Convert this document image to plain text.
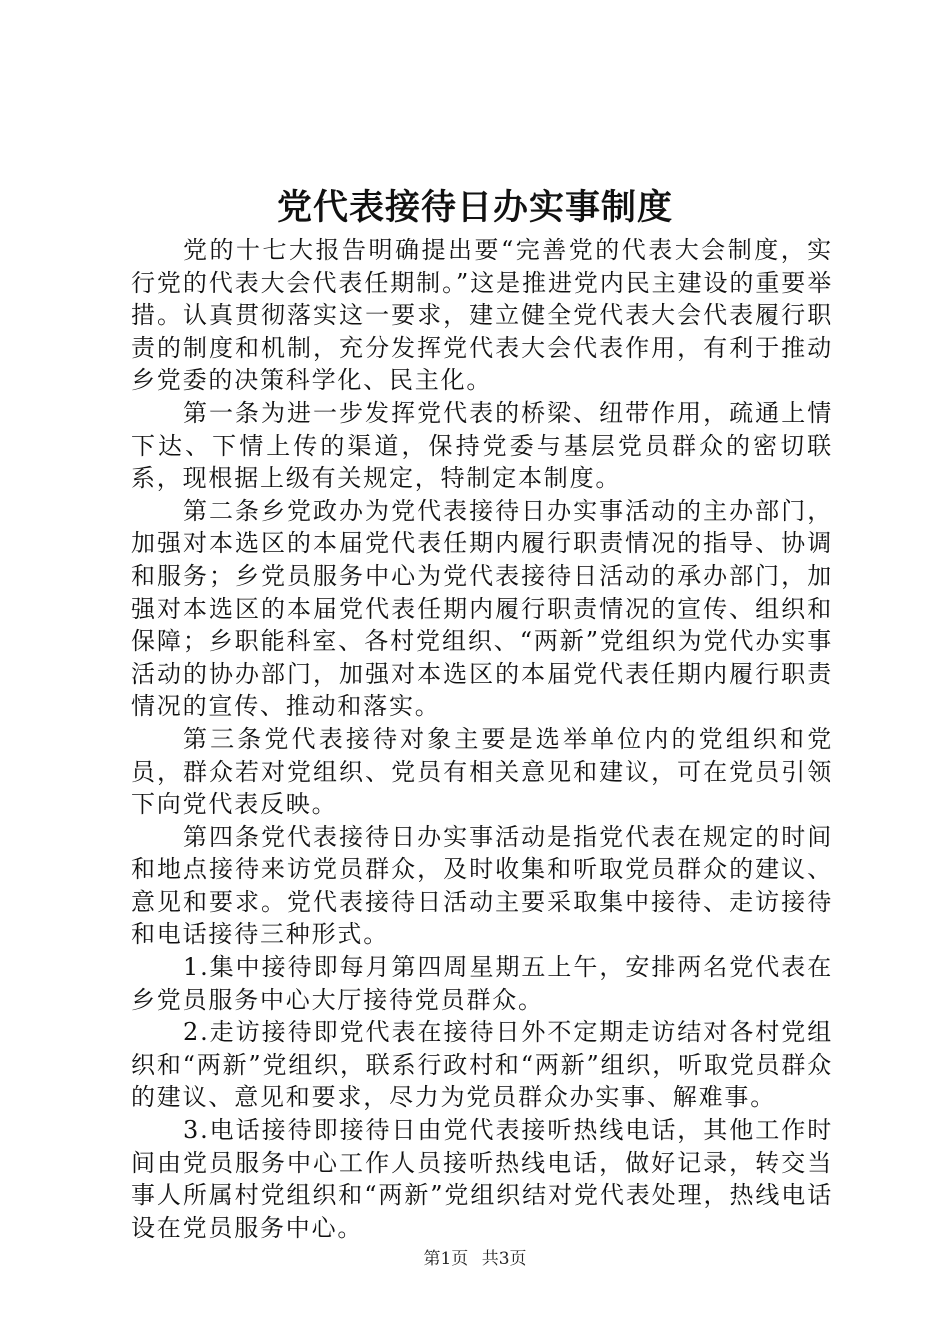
党代表接待日办实事制度

党的十七大报告明确提出要“完善党的代表大会制度，实行党的代表大会代表任期制。”这是推进党内民主建设的重要举措。认真贯彻落实这一要求，建立健全党代表大会代表履行职责的制度和机制，充分发挥党代表大会代表作用，有利于推动乡党委的决策科学化、民主化。

第一条为进一步发挥党代表的桥梁、纽带作用，疏通上情下达、下情上传的渠道，保持党委与基层党员群众的密切联系，现根据上级有关规定，特制定本制度。

第二条乡党政办为党代表接待日办实事活动的主办部门，加强对本选区的本届党代表任期内履行职责情况的指导、协调和服务；乡党员服务中心为党代表接待日活动的承办部门，加强对本选区的本届党代表任期内履行职责情况的宣传、组织和保障；乡职能科室、各村党组织、“两新”党组织为党代办实事活动的协办部门，加强对本选区的本届党代表任期内履行职责情况的宣传、推动和落实。

第三条党代表接待对象主要是选举单位内的党组织和党员，群众若对党组织、党员有相关意见和建议，可在党员引领下向党代表反映。

第四条党代表接待日办实事活动是指党代表在规定的时间和地点接待来访党员群众，及时收集和听取党员群众的建议、意见和要求。党代表接待日活动主要采取集中接待、走访接待和电话接待三种形式。

1.集中接待即每月第四周星期五上午，安排两名党代表在乡党员服务中心大厅接待党员群众。

2.走访接待即党代表在接待日外不定期走访结对各村党组织和“两新”党组织，联系行政村和“两新”组织，听取党员群众的建议、意见和要求，尽力为党员群众办实事、解难事。

3.电话接待即接待日由党代表接听热线电话，其他工作时间由党员服务中心工作人员接听热线电话，做好记录，转交当事人所属村党组织和“两新”党组织结对党代表处理，热线电话设在党员服务中心。

第1页 共3页
